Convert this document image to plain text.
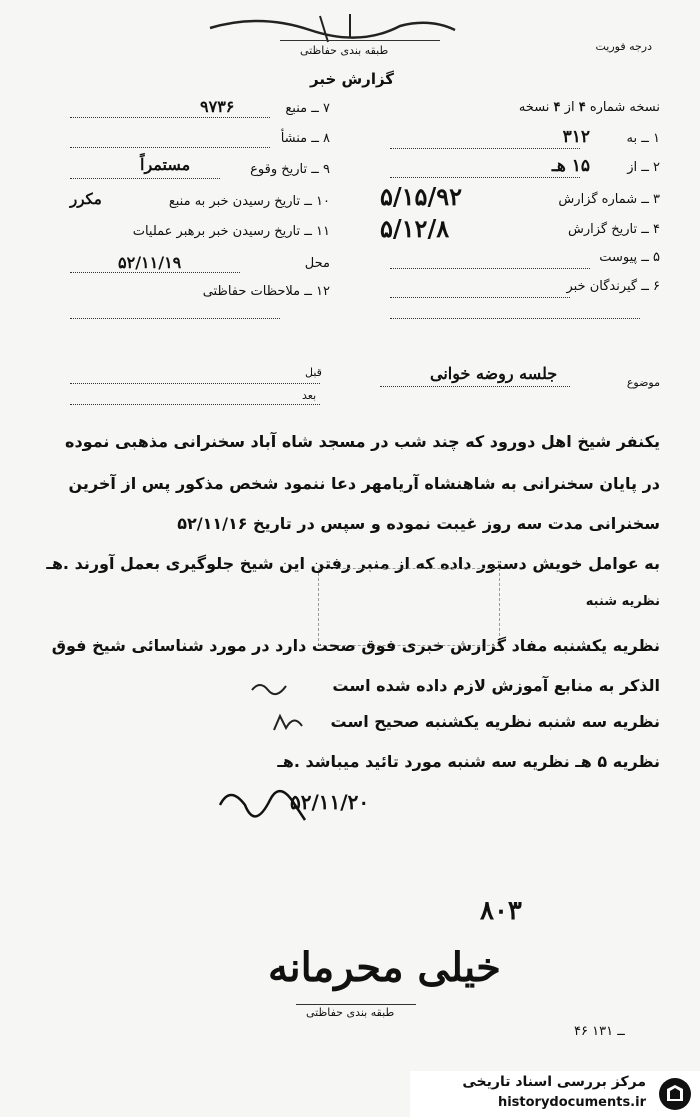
درجه فوریت
طبقه بندی حفاظتی
گزارش خبر
نسخه شماره ۴ از ۴ نسخه
۱ ــ به
۳۱۲
۲ ــ از
۱۵ هـ
۳ ــ شماره گزارش
۵/۱۵/۹۲
۴ ــ تاریخ گزارش
۵/۱۲/۸
۵ ــ پیوست
۶ ــ گیرندگان خبر
۷ ــ منبع
۹۷۳۶
۸ ــ منشأ
۹ ــ تاریخ وقوع
مستمراً
۱۰ ــ تاریخ رسیدن خبر به منبع
مکرر
۱۱ ــ تاریخ رسیدن خبر برهبر عملیات
محل
۵۲/۱۱/۱۹
۱۲ ــ ملاحظات حفاظتی
موضوع
جلسه روضه خوانی
قبل
بعد
یکنفر شیخ اهل دورود که چند شب در مسجد شاه آباد سخنرانی مذهبی نموده
در پایان سخنرانی به شاهنشاه آریامهر دعا ننمود شخص مذکور پس از آخرین
سخنرانی مدت سه روز غیبت نموده و سپس در تاریخ ۵۲/۱۱/۱۶
به عوامل خویش دستور داده که از منبر رفتن این شیخ جلوگیری بعمل آورند .هـ
نظریه شنبه
نظریه یکشنبه مفاد گزارش خبری فوق صحت دارد در مورد شناسائی شیخ فوق
الذکر به منابع آموزش لازم داده شده است
نظریه سه شنبه نظریه یکشنبه صحیح است
نظریه ۵ هـ نظریه سه شنبه مورد تائید میباشد .هـ
۵۲/۱۱/۲۰
۸۰۳
خیلی محرمانه
طبقه بندی حفاظتی
۴۶ ــ ۱۳۱
مرکز بررسی اسناد تاریخی
historydocuments.ir
